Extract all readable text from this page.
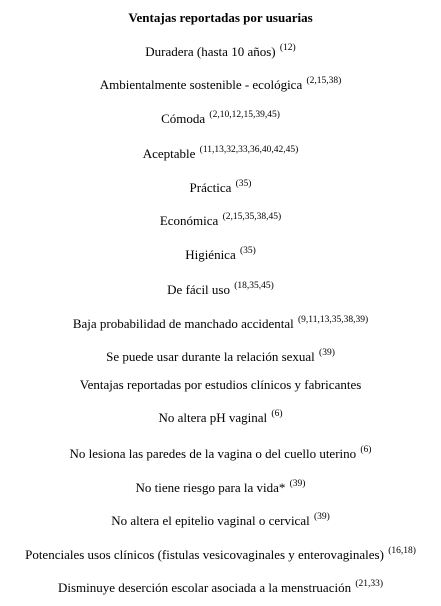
Ventajas reportadas por usuarias
Duradera (hasta 10 años) $^{(12)}$
Ambientalmente sostenible - ecológica $^{(2,15,38)}$
Cómoda $^{(2,10,12,15,39,45)}$
Aceptable $^{(11,13,32,33,36,40,42,45)}$
Práctica $^{(35)}$
Económica $^{(2,15,35,38,45)}$
Higiénica $^{(35)}$
De fácil uso $^{(18,35,45)}$
Baja probabilidad de manchado accidental $^{(9,11,13,35,38,39)}$
Se puede usar durante la relación sexual $^{(39)}$
Ventajas reportadas por estudios clínicos y fabricantes
No altera pH vaginal $^{(6)}$
No lesiona las paredes de la vagina o del cuello uterino $^{(6)}$
No tiene riesgo para la vida* $^{(39)}$
No altera el epitelio vaginal o cervical $^{(39)}$
Potenciales usos clínicos (fistulas vesicovaginales y enterovaginales) $^{(16,18)}$
Disminuye deserción escolar asociada a la menstruación $^{(21,33)}$
